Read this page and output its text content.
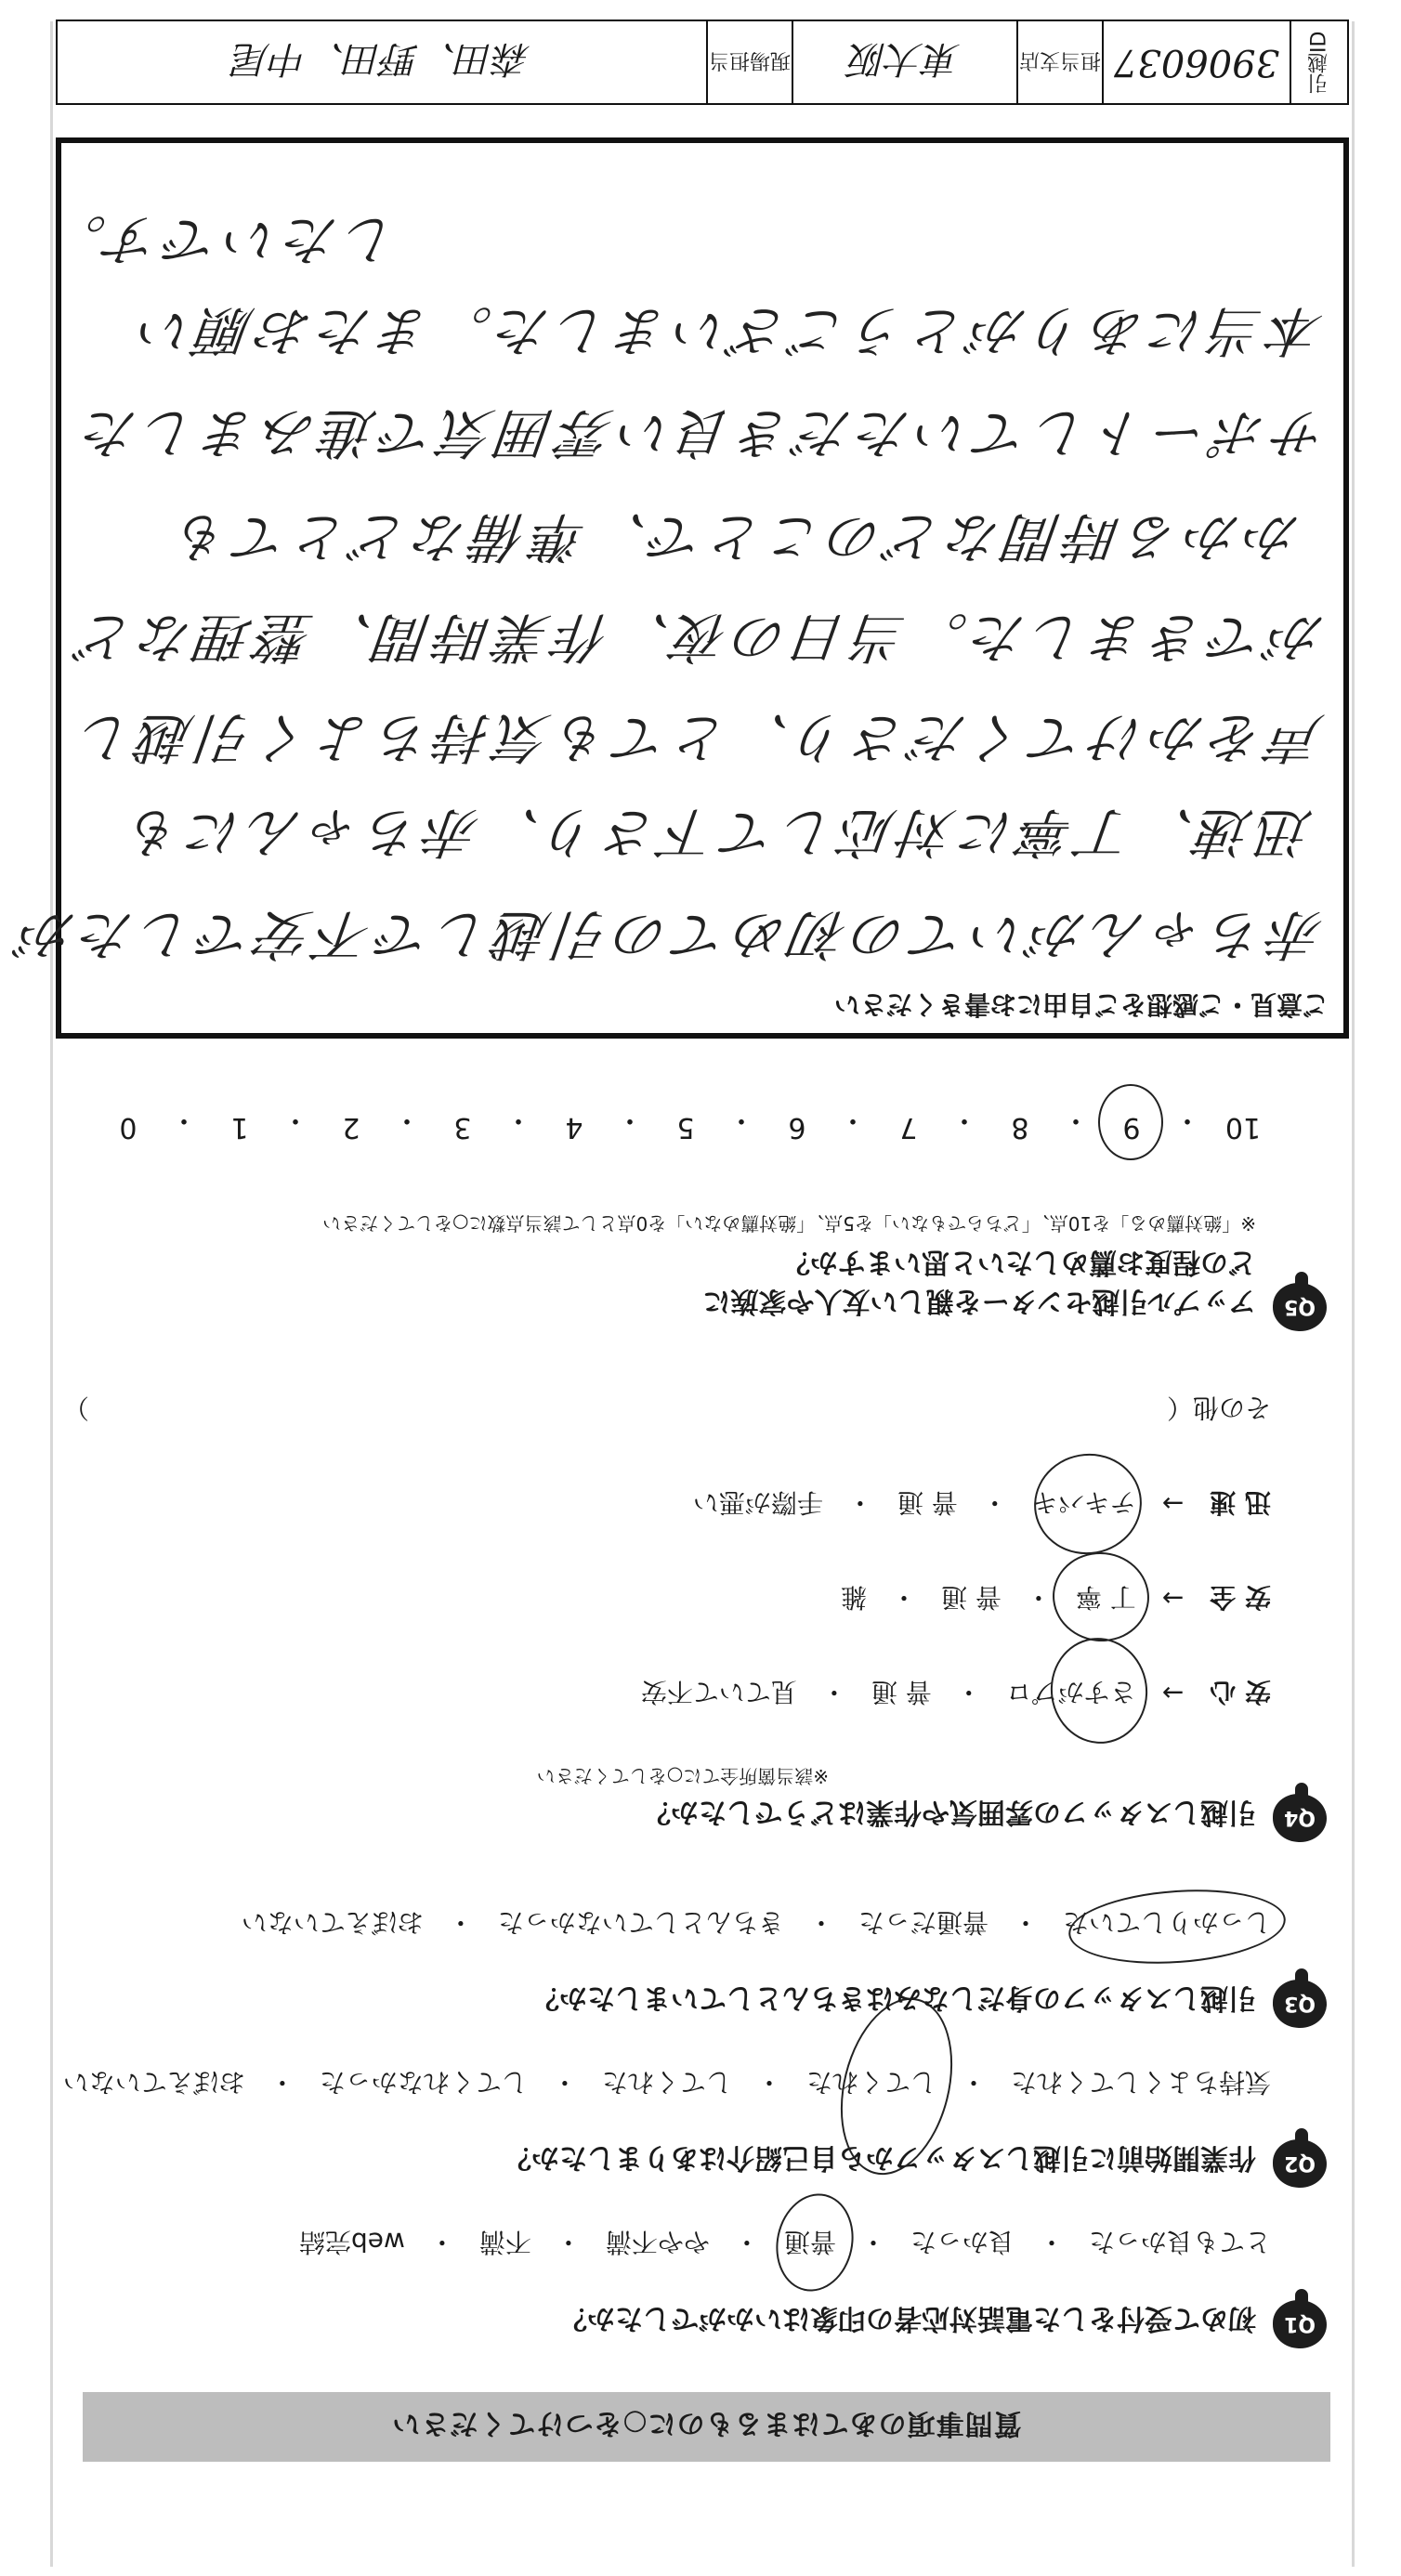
質問事項のあてはまるものに○をつけてください
Q1
初めて受付をした電話対応者の印象はいかがでしたか？
とても良かった
・
良かった
・
普通
・
やや不満
・
不満
・
web完結
Q2
作業開始前に引越しスタッフから自己紹介はありましたか？
気持ちよくしてくれた
・
してくれた
・
してくれた
・
してくれなかった
・
おぼえていない
Q3
引越しスタッフの身だしなみはきちんとしていましたか？
しっかりしていた
・
普通だった
・
きちんとしていなかった
・
おぼえていない
Q4
引越しスタッフの雰囲気や作業はどうでしたか？
※該当箇所全てに○をしてください
安 心
→
さすがプロ
・
普 通
・
見ていて不安
安 全
→
丁 寧
・
普 通
・
雑
迅 速
→
テキパキ
・
普 通
・
手際が悪い
その他（
）
Q5
アップル引越センターを親しい友人や家族に
どの程度お薦めしたいと思いますか？
※「絶対薦める」を10点、「どちらでもない」を5点、「絶対薦めない」を0点として該当点数に○をしてください
10
・
9
・
8
・
7
・
6
・
5
・
4
・
3
・
2
・
1
・
0
ご意見・ご感想をご自由にお書きください
赤ちゃんがいての初めての引越しで不安でしたが
迅速、丁寧に対応して下さり、赤ちゃんにも
声をかけてくださり、とても気持ちよく引越し
ができました。当日の夜、作業時間、整理など
かかる時間などのことで、準備などとても
サポートしていただき良い雰囲気で進みました
本当にありがとうございました。またお願い
したいです。
引越ID
3906037
担当支店
東大阪
現場担当
森田、野田、中尾
